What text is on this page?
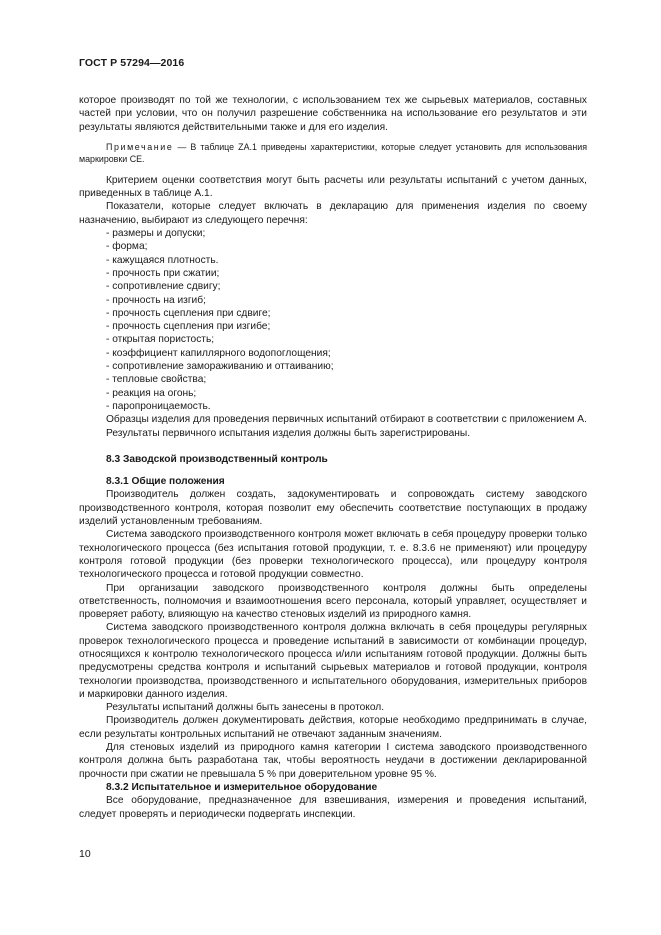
ГОСТ Р 57294—2016

которое производят по той же технологии, с использованием тех же сырьевых материалов, составных частей при условии, что он получил разрешение собственника на использование его результатов и эти результаты являются действительными также и для его изделия.

Примечание — В таблице ZA.1 приведены характеристики, которые следует установить для использования маркировки CE.

Критерием оценки соответствия могут быть расчеты или результаты испытаний с учетом данных, приведенных в таблице А.1.

Показатели, которые следует включать в декларацию для применения изделия по своему назначению, выбирают из следующего перечня:

- размеры и допуски;
- форма;
- кажущаяся плотность.
- прочность при сжатии;
- сопротивление сдвигу;
- прочность на изгиб;
- прочность сцепления при сдвиге;
- прочность сцепления при изгибе;
- открытая пористость;
- коэффициент капиллярного водопоглощения;
- сопротивление замораживанию и оттаиванию;
- тепловые свойства;
- реакция на огонь;
- паропроницаемость.

Образцы изделия для проведения первичных испытаний отбирают в соответствии с приложением А.

Результаты первичного испытания изделия должны быть зарегистрированы.

8.3 Заводской производственный контроль

8.3.1 Общие положения

Производитель должен создать, задокументировать и сопровождать систему заводского производственного контроля, которая позволит ему обеспечить соответствие поступающих в продажу изделий установленным требованиям.

Система заводского производственного контроля может включать в себя процедуру проверки только технологического процесса (без испытания готовой продукции, т. е. 8.3.6 не применяют) или процедуру контроля готовой продукции (без проверки технологического процесса), или процедуру контроля технологического процесса и готовой продукции совместно.

При организации заводского производственного контроля должны быть определены ответственность, полномочия и взаимоотношения всего персонала, который управляет, осуществляет и проверяет работу, влияющую на качество стеновых изделий из природного камня.

Система заводского производственного контроля должна включать в себя процедуры регулярных проверок технологического процесса и проведение испытаний в зависимости от комбинации процедур, относящихся к контролю технологического процесса и/или испытаниям готовой продукции. Должны быть предусмотрены средства контроля и испытаний сырьевых материалов и готовой продукции, контроля технологии производства, производственного и испытательного оборудования, измерительных приборов и маркировки данного изделия.

Результаты испытаний должны быть занесены в протокол.

Производитель должен документировать действия, которые необходимо предпринимать в случае, если результаты контрольных испытаний не отвечают заданным значениям.

Для стеновых изделий из природного камня категории I система заводского производственного контроля должна быть разработана так, чтобы вероятность неудачи в достижении декларированной прочности при сжатии не превышала 5 % при доверительном уровне 95 %.

8.3.2 Испытательное и измерительное оборудование

Все оборудование, предназначенное для взвешивания, измерения и проведения испытаний, следует проверять и периодически подвергать инспекции.

10
